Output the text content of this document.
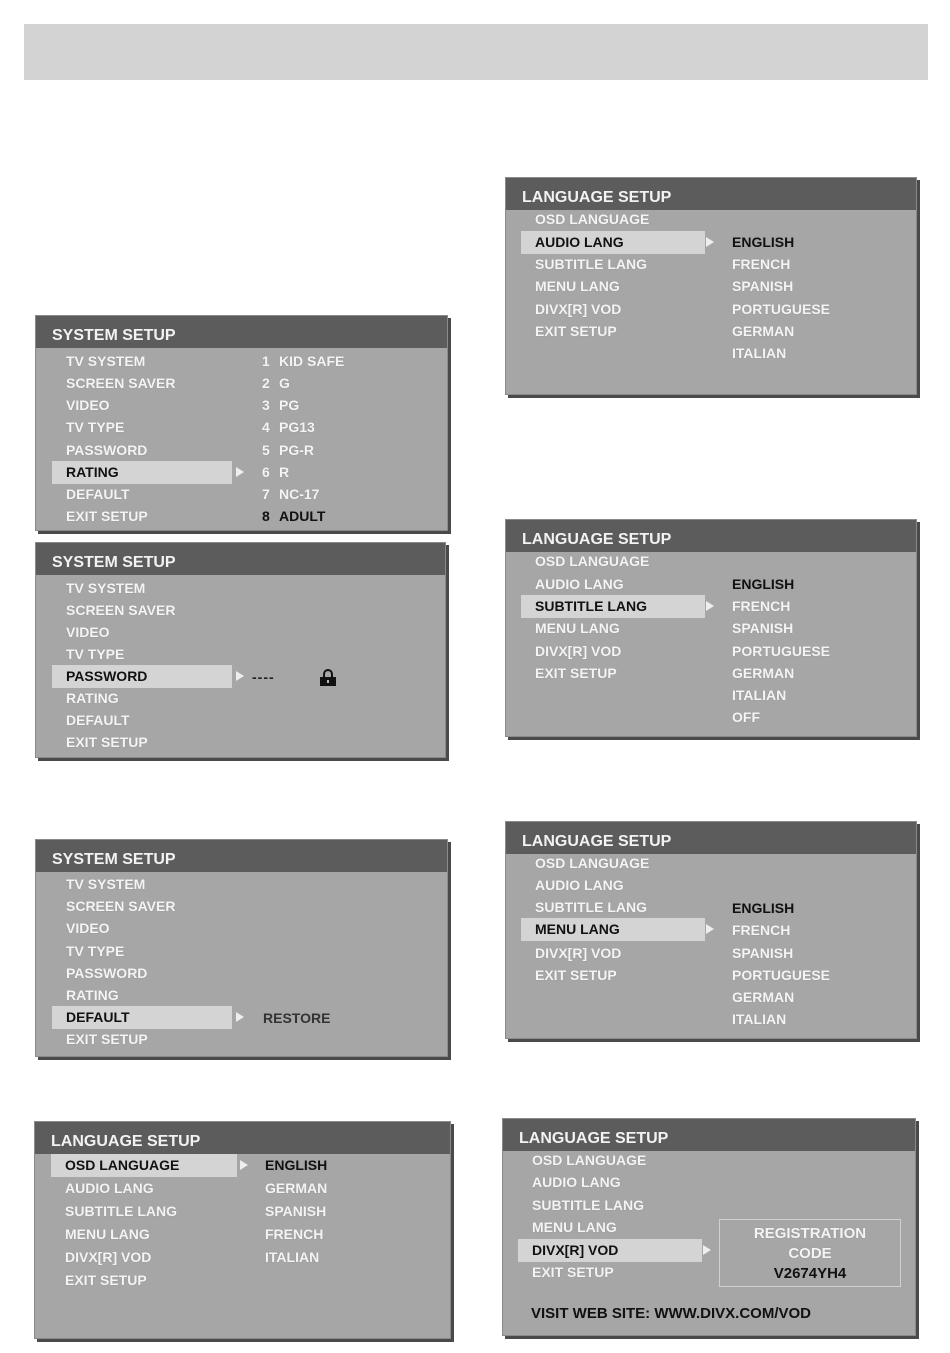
SYSTEM SETUP
TV SYSTEM
SCREEN SAVER
VIDEO
TV TYPE
PASSWORD
RATING
DEFAULT
EXIT SETUP
1 KID SAFE
2 G
3 PG
4 PG13
5 PG-R
6 R
7 NC-17
8 ADULT
SYSTEM SETUP
TV SYSTEM
SCREEN SAVER
VIDEO
TV TYPE
PASSWORD
RATING
DEFAULT
EXIT SETUP
----
SYSTEM SETUP
TV SYSTEM
SCREEN SAVER
VIDEO
TV TYPE
PASSWORD
RATING
DEFAULT
EXIT SETUP
RESTORE
LANGUAGE SETUP
OSD LANGUAGE
AUDIO LANG
SUBTITLE LANG
MENU LANG
DIVX[R] VOD
EXIT SETUP
ENGLISH
GERMAN
SPANISH
FRENCH
ITALIAN
LANGUAGE SETUP
OSD LANGUAGE
AUDIO LANG
SUBTITLE LANG
MENU LANG
DIVX[R] VOD
EXIT SETUP
ENGLISH
FRENCH
SPANISH
PORTUGUESE
GERMAN
ITALIAN
LANGUAGE SETUP
OSD LANGUAGE
AUDIO LANG
SUBTITLE LANG
MENU LANG
DIVX[R] VOD
EXIT SETUP
ENGLISH
FRENCH
SPANISH
PORTUGUESE
GERMAN
ITALIAN
OFF
LANGUAGE SETUP
OSD LANGUAGE
AUDIO LANG
SUBTITLE LANG
MENU LANG
DIVX[R] VOD
EXIT SETUP
ENGLISH
FRENCH
SPANISH
PORTUGUESE
GERMAN
ITALIAN
LANGUAGE SETUP
OSD LANGUAGE
AUDIO LANG
SUBTITLE LANG
MENU LANG
DIVX[R] VOD
EXIT SETUP
REGISTRATION
CODE
V2674YH4
VISIT WEB SITE: WWW.DIVX.COM/VOD
